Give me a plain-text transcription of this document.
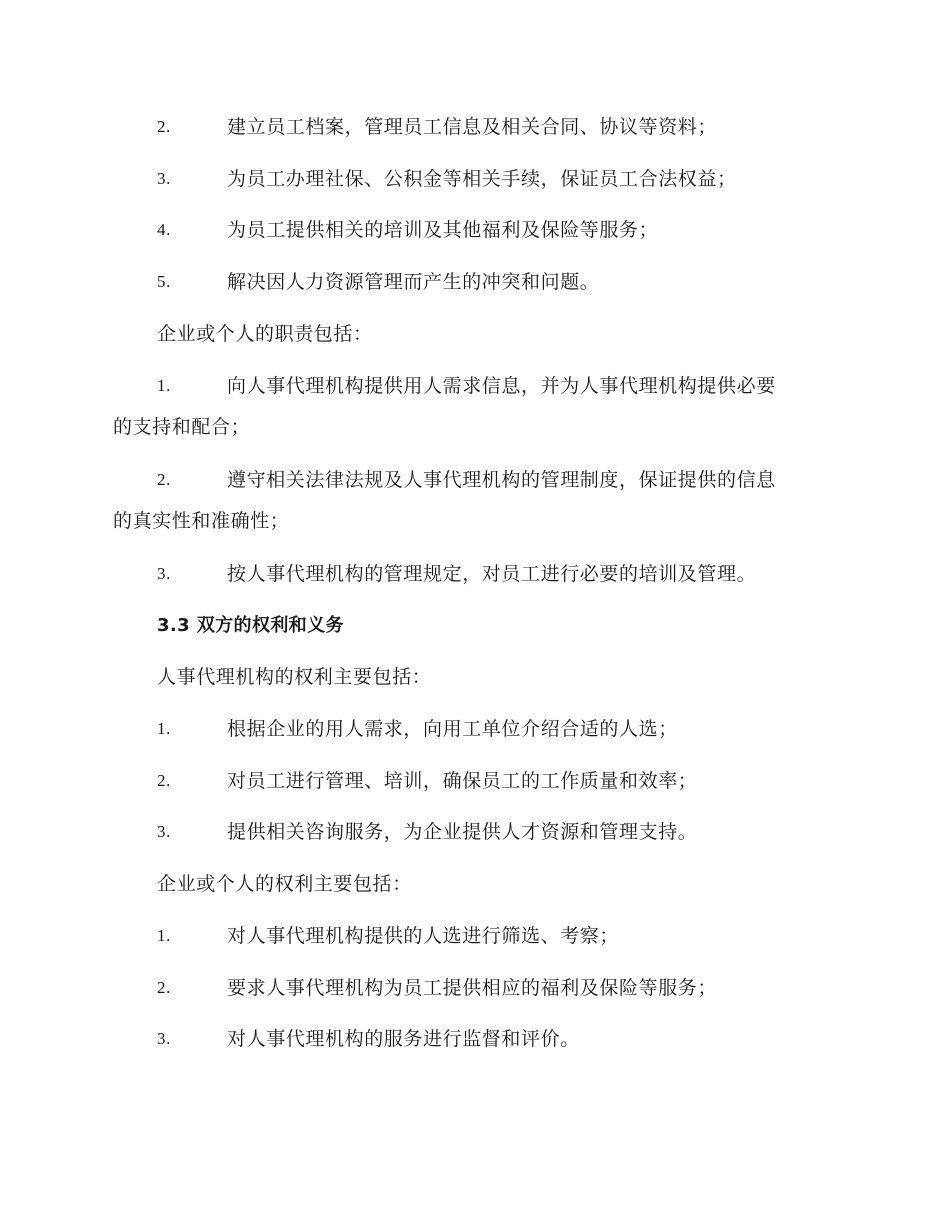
2.	建立员工档案，管理员工信息及相关合同、协议等资料；
3.	为员工办理社保、公积金等相关手续，保证员工合法权益；
4.	为员工提供相关的培训及其他福利及保险等服务；
5.	解决因人力资源管理而产生的冲突和问题。
企业或个人的职责包括：
1.	向人事代理机构提供用人需求信息，并为人事代理机构提供必要
的支持和配合；
2.	遵守相关法律法规及人事代理机构的管理制度，保证提供的信息
的真实性和准确性；
3.	按人事代理机构的管理规定，对员工进行必要的培训及管理。
3.3 双方的权利和义务
人事代理机构的权利主要包括：
1.	根据企业的用人需求，向用工单位介绍合适的人选；
2.	对员工进行管理、培训，确保员工的工作质量和效率；
3.	提供相关咨询服务，为企业提供人才资源和管理支持。
企业或个人的权利主要包括：
1.	对人事代理机构提供的人选进行筛选、考察；
2.	要求人事代理机构为员工提供相应的福利及保险等服务；
3.	对人事代理机构的服务进行监督和评价。
